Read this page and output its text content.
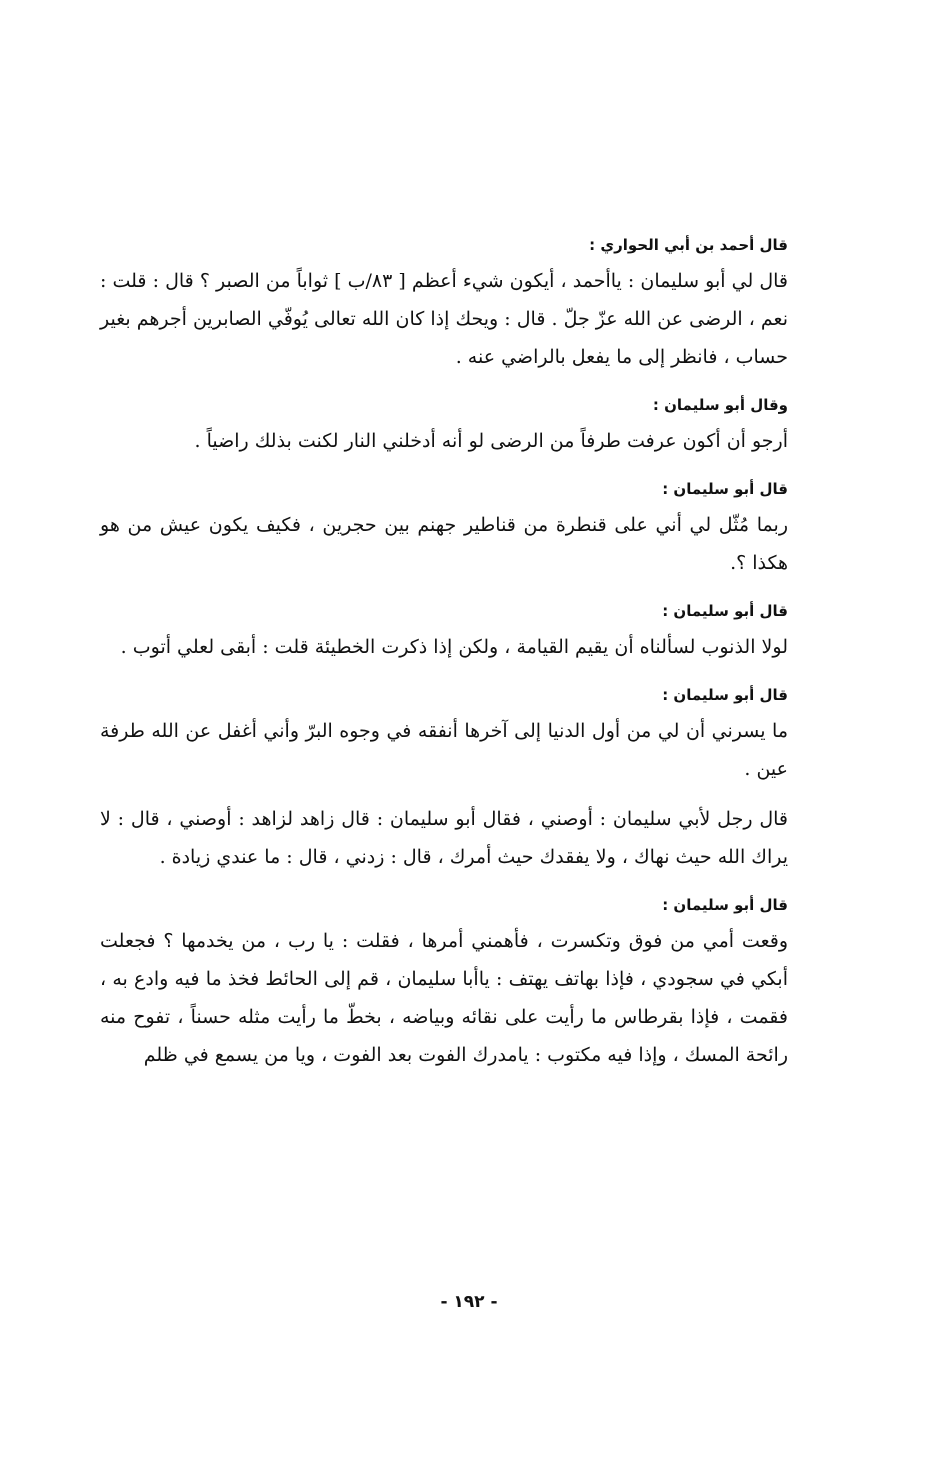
قال أحمد بن أبي الحواري :

قال لي أبو سليمان : ياأحمد ، أيكون شيء أعظم [ ٨٣/ب ] ثواباً من الصبر ؟ قال : قلت : نعم ، الرضى عن الله عزّ جلّ . قال : ويحك إذا كان الله تعالى يُوفّي الصابرين أجرهم بغير حساب ، فانظر إلى ما يفعل بالراضي عنه .

وقال أبو سليمان :

أرجو أن أكون عرفت طرفاً من الرضى لو أنه أدخلني النار لكنت بذلك راضياً .

قال أبو سليمان :

ربما مُثّل لي أني على قنطرة من قناطير جهنم بين حجرين ، فكيف يكون عيش من هو هكذا ؟.

قال أبو سليمان :

لولا الذنوب لسألناه أن يقيم القيامة ، ولكن إذا ذكرت الخطيئة قلت : أبقى لعلي أتوب .

قال أبو سليمان :

ما يسرني أن لي من أول الدنيا إلى آخرها أنفقه في وجوه البرّ وأني أغفل عن الله طرفة عين .

قال رجل لأبي سليمان : أوصني ، فقال أبو سليمان : قال زاهد لزاهد : أوصني ، قال : لا يراك الله حيث نهاك ، ولا يفقدك حيث أمرك ، قال : زدني ، قال : ما عندي زيادة .

قال أبو سليمان :

وقعت أمي من فوق وتكسرت ، فأهمني أمرها ، فقلت : يا رب ، من يخدمها ؟ فجعلت أبكي في سجودي ، فإذا بهاتف يهتف : ياأبا سليمان ، قم إلى الحائط فخذ ما فيه وادع به ، فقمت ، فإذا بقرطاس ما رأيت على نقائه وبياضه ، بخطّ ما رأيت مثله حسناً ، تفوح منه رائحة المسك ، وإذا فيه مكتوب : يامدرك الفوت بعد الفوت ، ويا من يسمع في ظلم

- ١٩٢ -
